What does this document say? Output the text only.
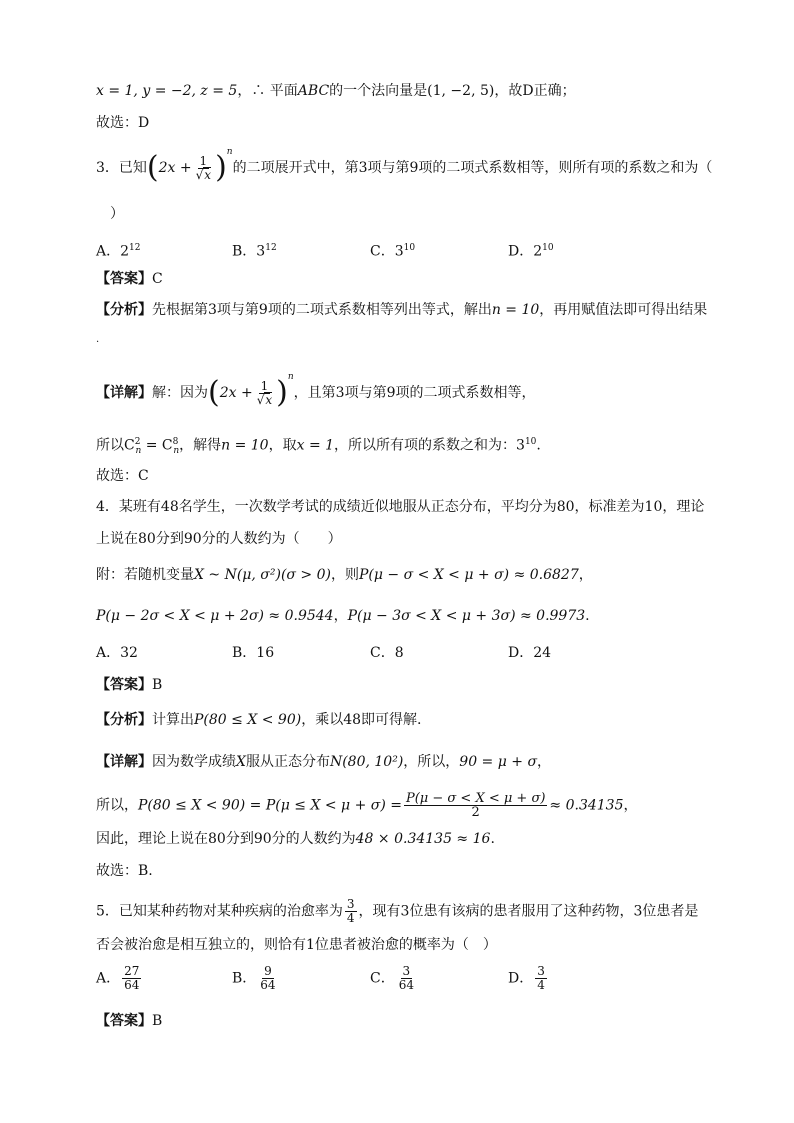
x = 1, y = −2, z = 5，∴ 平面ABC的一个法向量是(1, −2, 5)，故D正确；
故选：D
3．已知$(2x + \frac{1}{√x} )^n$的二项展开式中，第3项与第9项的二项式系数相等，则所有项的系数之和为（
）
A．$2^{12}$	B．$3^{12}$	C．$3^{10}$	D．$2^{10}$
【答案】C
【分析】先根据第3项与第9项的二项式系数相等列出等式，解出n = 10，再用赋值法即可得出结果
.
【详解】解：因为$(2x + \frac{1}{√x} )^n$，且第3项与第9项的二项式系数相等，
所以$C^2_n = C^8_n$，解得n = 10，取x = 1，所以所有项的系数之和为：$3^{10}$.
故选：C
4．某班有48名学生，一次数学考试的成绩近似地服从正态分布，平均分为80，标准差为10，理论
上说在80分到90分的人数约为（　　）
附：若随机变量X ~ N(μ, σ²)(σ > 0)，则P(μ − σ < X < μ + σ) ≈ 0.6827，
P(μ − 2σ < X < μ + 2σ) ≈ 0.9544，P(μ − 3σ < X < μ + 3σ) ≈ 0.9973.
A．32	B．16	C．8	D．24
【答案】B
【分析】计算出P(80 ≤ X < 90)，乘以48即可得解.
【详解】因为数学成绩X服从正态分布N(80, 10²)，所以，90 = μ + σ，
所以，$P(80 \le X < 90) = P(\mu \le X < \mu + \sigma) = \frac{P(\mu - \sigma < X < \mu + \sigma)}{2} \approx 0.34135$，
因此，理论上说在80分到90分的人数约为48 × 0.34135 ≈ 16.
故选：B.
5．已知某种药物对某种疾病的治愈率为 $\frac{3}{4}$ ，现有3位患有该病的患者服用了这种药物，3位患者是
否会被治愈是相互独立的，则恰有1位患者被治愈的概率为（　）
A． $\frac{27}{64}$	B． $\frac{9}{64}$	C． $\frac{3}{64}$	D． $\frac{3}{4}$
【答案】B
